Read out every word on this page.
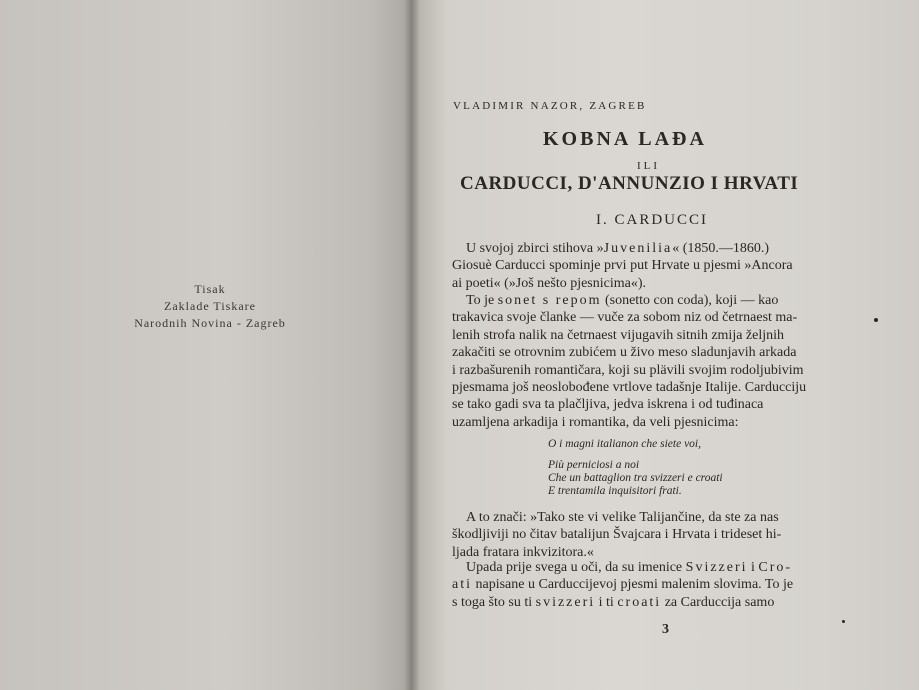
Tisak
Zaklade Tiskare
Narodnih Novina - Zagreb
VLADIMIR NAZOR, ZAGREB
KOBNA LAĐA
ILI
CARDUCCI, D'ANNUNZIO I HRVATI
I. CARDUCCI
U svojoj zbirci stihova »Juvenilia« (1850.—1860.)
Giosuè Carducci spominje prvi put Hrvate u pjesmi »Ancora
ai poeti« (»Još nešto pjesnicima«).
To je sonet s repom (sonetto con coda), koji — kao
trakavica svoje članke — vuče za sobom niz od četrnaest ma-
lenih strofa nalik na četrnaest vijugavih sitnih zmija željnih
zakačiti se otrovnim zubićem u živo meso sladunjavih arkada
i razbašurenih romantičara, koji su plävili svojim rodoljubivim
pjesmama još neoslobođene vrtlove tadašnje Italije. Carducciju
se tako gadi sva ta plačljiva, jedva iskrena i od tuđinaca
uzamljena arkadija i romantika, da veli pjesnicima:
O i magni italianon che siete voi,
Più perniciosi a noi
Che un battaglion tra svizzeri e croati
E trentamila inquisitori frati.
A to znači: »Tako ste vi velike Talijančine, da ste za nas
škodljiviji no čitav batalijun Švajcara i Hrvata i trideset hi-
ljada fratara inkvizitora.«
Upada prije svega u oči, da su imenice Svizzeri i Cro-
ati napisane u Carduccijevoj pjesmi malenim slovima. To je
s toga što su ti svizzeri i ti croati za Carduccija samo
3
